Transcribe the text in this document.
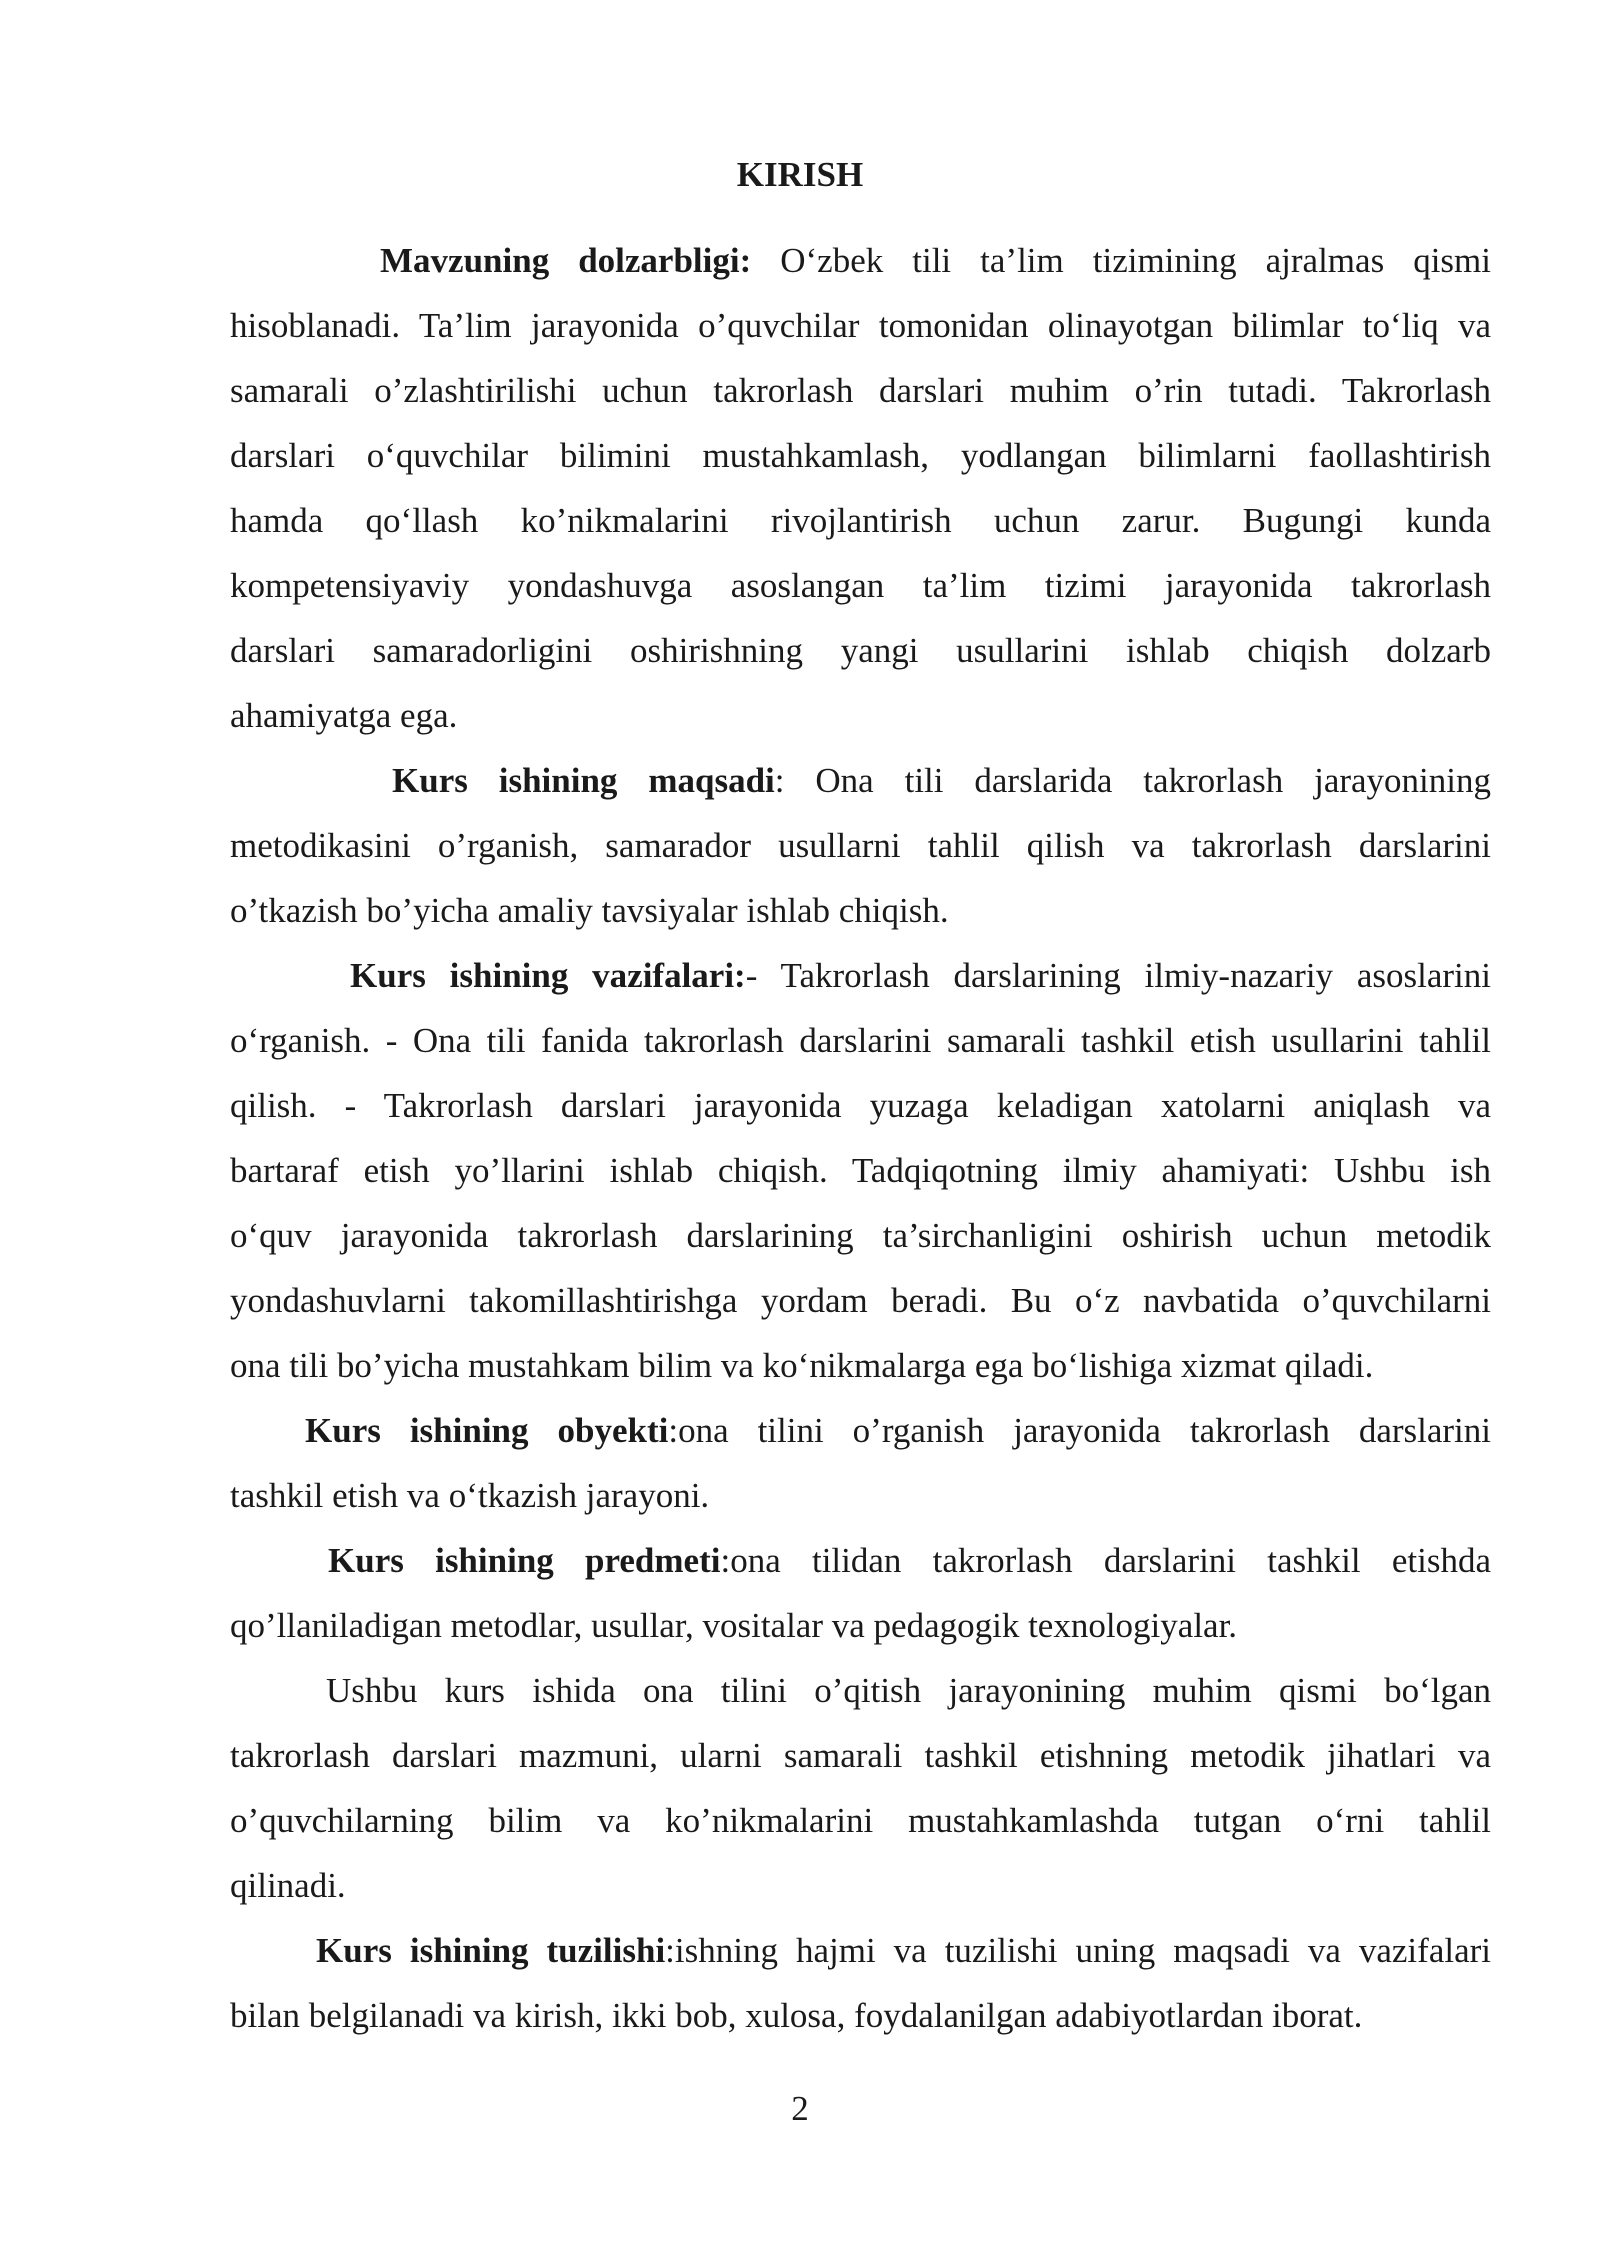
KIRISH
Mavzuning dolzarbligi: O‘zbek tili ta’lim tizimining ajralmas qismi
hisoblanadi. Ta’lim jarayonida o’quvchilar tomonidan olinayotgan bilimlar to‘liq va
samarali o’zlashtirilishi uchun takrorlash darslari muhim o’rin tutadi. Takrorlash
darslari o‘quvchilar bilimini mustahkamlash, yodlangan bilimlarni faollashtirish
hamda qo‘llash ko’nikmalarini rivojlantirish uchun zarur. Bugungi kunda
kompetensiyaviy yondashuvga asoslangan ta’lim tizimi jarayonida takrorlash
darslari samaradorligini oshirishning yangi usullarini ishlab chiqish dolzarb
ahamiyatga ega.
Kurs ishining maqsadi: Ona tili darslarida takrorlash jarayonining
metodikasini o’rganish, samarador usullarni tahlil qilish va takrorlash darslarini
o’tkazish bo’yicha amaliy tavsiyalar ishlab chiqish.
Kurs ishining vazifalari:- Takrorlash darslarining ilmiy-nazariy asoslarini
o‘rganish. - Ona tili fanida takrorlash darslarini samarali tashkil etish usullarini tahlil
qilish. - Takrorlash darslari jarayonida yuzaga keladigan xatolarni aniqlash va
bartaraf etish yo’llarini ishlab chiqish. Tadqiqotning ilmiy ahamiyati: Ushbu ish
o‘quv jarayonida takrorlash darslarining ta’sirchanligini oshirish uchun metodik
yondashuvlarni takomillashtirishga yordam beradi. Bu o‘z navbatida o’quvchilarni
ona tili bo’yicha mustahkam bilim va ko‘nikmalarga ega bo‘lishiga xizmat qiladi.
Kurs ishining obyekti:ona tilini o’rganish jarayonida takrorlash darslarini
tashkil etish va o‘tkazish jarayoni.
Kurs ishining predmeti:ona tilidan takrorlash darslarini tashkil etishda
qo’llaniladigan metodlar, usullar, vositalar va pedagogik texnologiyalar.
Ushbu kurs ishida ona tilini o’qitish jarayonining muhim qismi bo‘lgan
takrorlash darslari mazmuni, ularni samarali tashkil etishning metodik jihatlari va
o’quvchilarning bilim va ko’nikmalarini mustahkamlashda tutgan o‘rni tahlil
qilinadi.
Kurs ishining tuzilishi:ishning hajmi va tuzilishi uning maqsadi va vazifalari
bilan belgilanadi va kirish, ikki bob, xulosa, foydalanilgan adabiyotlardan iborat.
2
